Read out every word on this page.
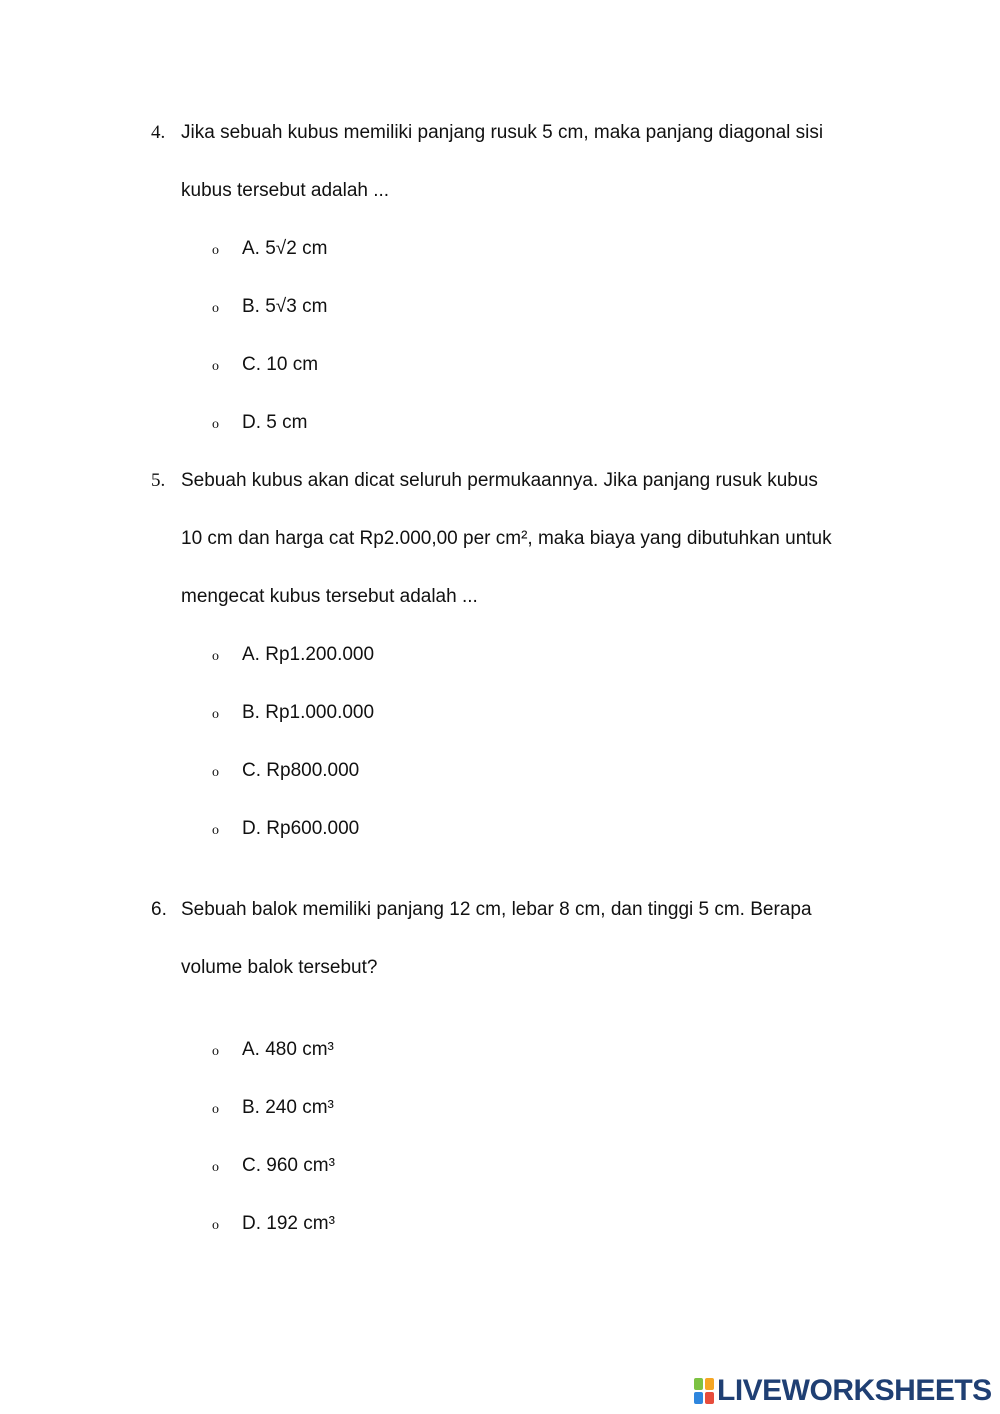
4. Jika sebuah kubus memiliki panjang rusuk 5 cm, maka panjang diagonal sisi
kubus tersebut adalah ...
o A. 5√2 cm
o B. 5√3 cm
o C. 10 cm
o D. 5 cm
5. Sebuah kubus akan dicat seluruh permukaannya. Jika panjang rusuk kubus
10 cm dan harga cat Rp2.000,00 per cm², maka biaya yang dibutuhkan untuk
mengecat kubus tersebut adalah ...
o A. Rp1.200.000
o B. Rp1.000.000
o C. Rp800.000
o D. Rp600.000
6. Sebuah balok memiliki panjang 12 cm, lebar 8 cm, dan tinggi 5 cm. Berapa
volume balok tersebut?
o A. 480 cm³
o B. 240 cm³
o C. 960 cm³
o D. 192 cm³
LIVEWORKSHEETS
